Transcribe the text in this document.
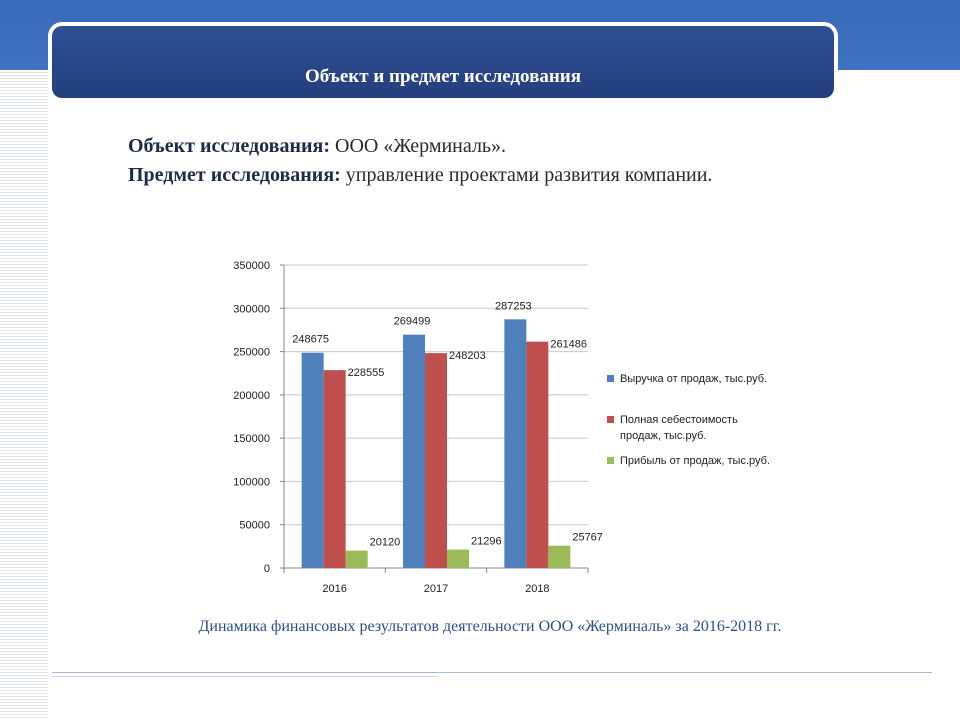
Объект и предмет исследования
Объект исследования: ООО «Жерминаль».
Предмет исследования: управление проектами развития компании.
0
50000
100000
150000
200000
250000
300000
350000
248675
228555
20120
2016
269499
248203
21296
2017
287253
261486
25767
2018
Выручка от продаж, тыс.руб.
Полная себестоимость
продаж, тыс.руб.
Прибыль от продаж, тыс.руб.
Динамика финансовых результатов деятельности ООО «Жерминаль» за 2016-2018 гг.
